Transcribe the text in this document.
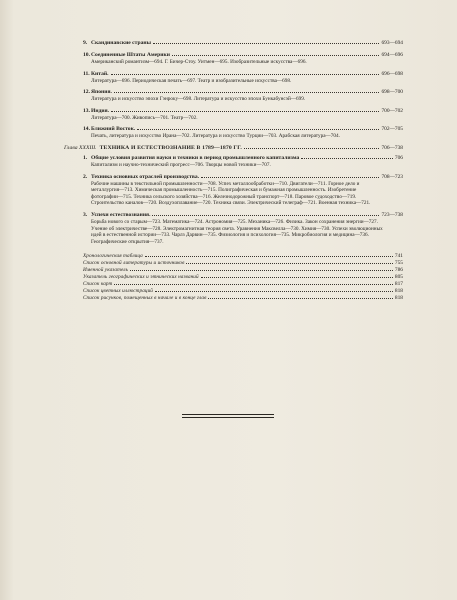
9. Скандинавские страны	693—694
10. Соединенные Штаты Америки	694—696
Американский романтизм—694. Г. Бичер-Стоу. Уитмен—695. Изобразительные искусства—696.
11. Китай.	696—698
Литература—696. Периодическая печать—697. Театр и изобразительные искусства—698.
12. Япония.	698—700
Литература и искусство эпохи Гэнроку—698. Литература и искусство эпохи Бункабунсэй—699.
13. Индия.	700—702
Литература—700. Живопись—701. Театр—702.
14. Ближний Восток.	702—705
Печать, литература и искусство Ирана—702. Литература и искусство Турции—703. Арабская литература—704.
Глава XXXIII. ТЕХНИКА И ЕСТЕСТВОЗНАНИЕ В 1789—1870 ГГ.	706—738
1. Общие условия развития науки и техники в период промышленного капитализма	706
Капитализм и научно-технический прогресс—706. Творцы новой техники—707.
2. Техника основных отраслей производства.	708—723
Рабочие машины в текстильной промышленности—708. Успех металлообработки—710. Двигатели—711. Горное дело и металлургия—713. Химическая промышленность—715. Полиграфическая и бумажная промышленность. Изобретение фотографии—715. Техника сельского хозяйства—716. Железнодорожный транспорт—718. Паровое судоходство—719. Строительство каналов—720. Воздухоплавание—720. Техника связи. Электрический телеграф—721. Военная техника—721.
3. Успехи естествознания.	723—738
Борьба нового со старым—723. Математика—724. Астрономия—725. Механика—726. Физика. Закон сохранения энергии—727. Учение об электричестве—728. Электромагнитная теория света. Уравнения Максвелла—730. Химия—730. Успехи эволюционных идей в естественной истории—733. Чарлз Дарвин—735. Физиология и психология—735. Микробиология и медицина—736. Географические открытия—737.
Хронологическая таблица	741
Список основной литературы и источников	755
Именной указатель	786
Указатель географических и этнических названий	805
Список карт	817
Список цветных иллюстраций	818
Список рисунков, помещенных в начале и в конце глав	818
